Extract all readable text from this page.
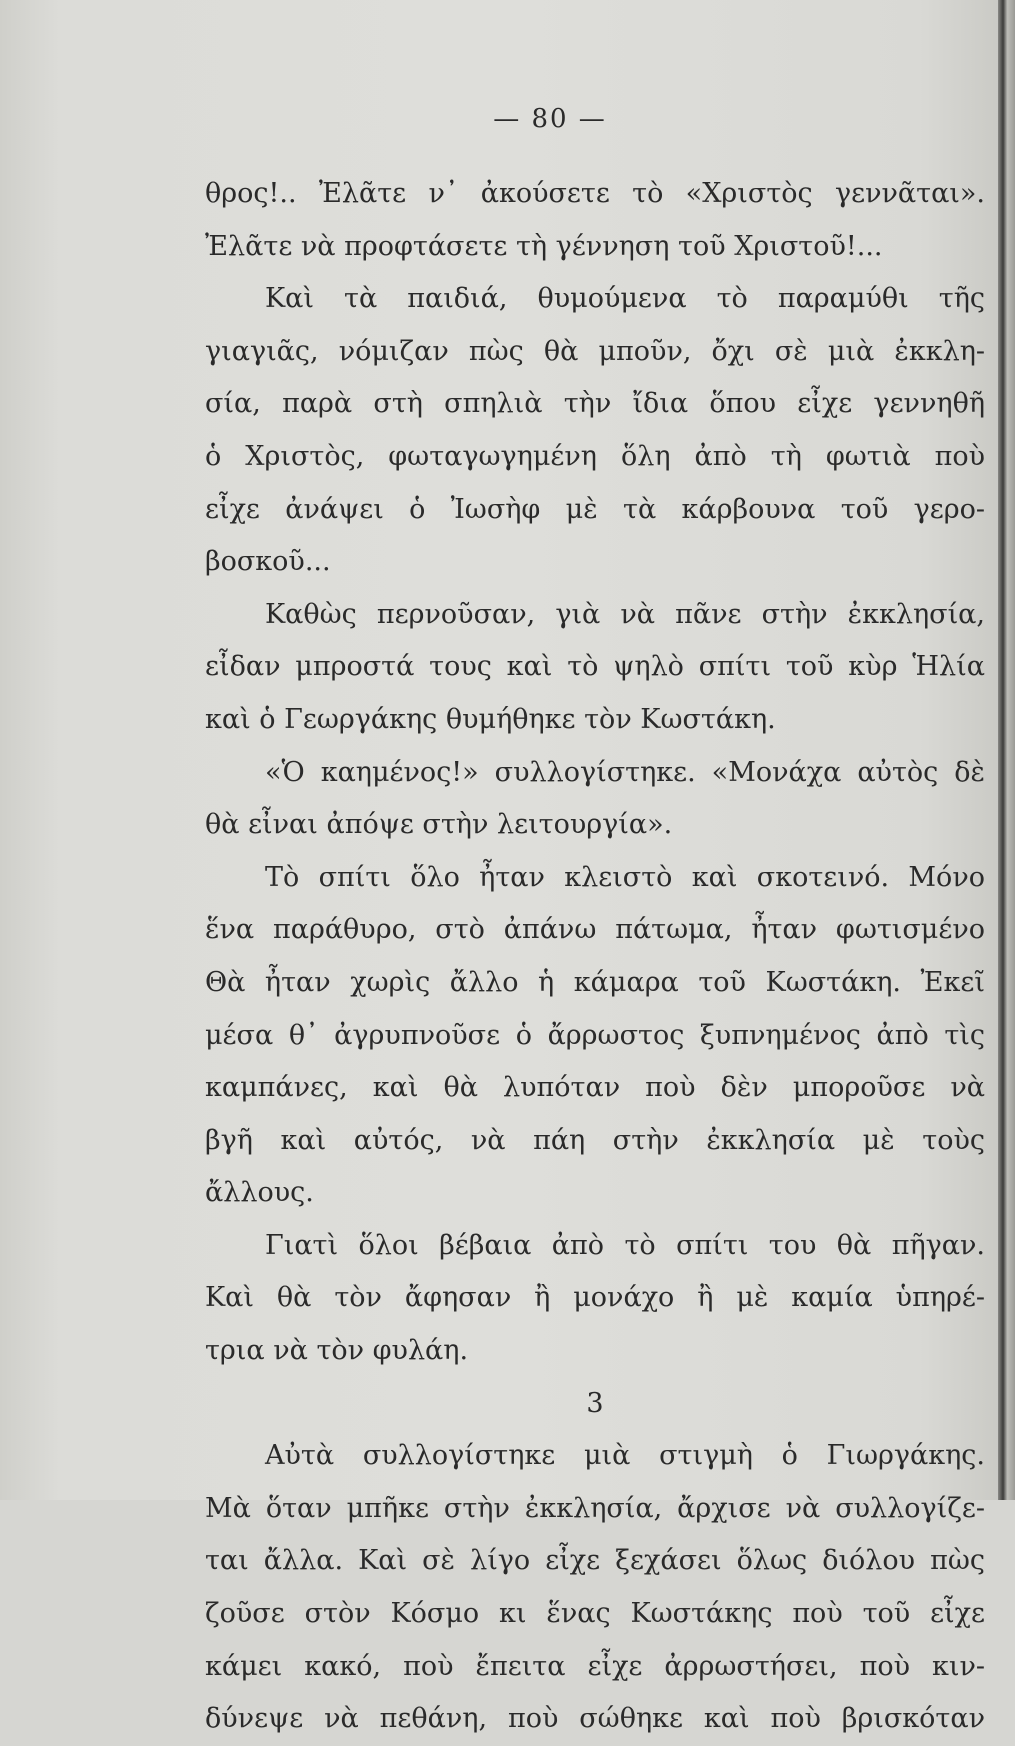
— 80 —
θρος!.. Ἐλᾶτε ν᾽ ἀκούσετε τὸ «Χριστὸς γεννᾶται».
Ἐλᾶτε νὰ προφτάσετε τὴ γέννηση τοῦ Χριστοῦ!...
Καὶ τὰ παιδιά, θυμούμενα τὸ παραμύθι τῆς
γιαγιᾶς, νόμιζαν πὼς θὰ μποῦν, ὄχι σὲ μιὰ ἐκκλη-
σία, παρὰ στὴ σπηλιὰ τὴν ἴδια ὅπου εἶχε γεννηθῆ
ὁ Χριστὸς, φωταγωγημένη ὅλη ἀπὸ τὴ φωτιὰ ποὺ
εἶχε ἀνάψει ὁ Ἰωσὴφ μὲ τὰ κάρβουνα τοῦ γερο-
βοσκοῦ...
Καθὼς περνοῦσαν, γιὰ νὰ πᾶνε στὴν ἐκκλησία,
εἶδαν μπροστά τους καὶ τὸ ψηλὸ σπίτι τοῦ κὺρ Ἡλία
καὶ ὁ Γεωργάκης θυμήθηκε τὸν Κωστάκη.
«Ὁ καημένος!» συλλογίστηκε. «Μονάχα αὐτὸς δὲ
θὰ εἶναι ἀπόψε στὴν λειτουργία».
Τὸ σπίτι ὅλο ἦταν κλειστὸ καὶ σκοτεινό. Μόνο
ἕνα παράθυρο, στὸ ἀπάνω πάτωμα, ἦταν φωτισμένο
Θὰ ἦταν χωρὶς ἄλλο ἡ κάμαρα τοῦ Κωστάκη. Ἐκεῖ
μέσα θ᾽ ἀγρυπνοῦσε ὁ ἄρρωστος ξυπνημένος ἀπὸ τὶς
καμπάνες, καὶ θὰ λυπόταν ποὺ δὲν μποροῦσε νὰ
βγῆ καὶ αὐτός, νὰ πάη στὴν ἐκκλησία μὲ τοὺς
ἄλλους.
Γιατὶ ὅλοι βέβαια ἀπὸ τὸ σπίτι του θὰ πῆγαν.
Καὶ θὰ τὸν ἄφησαν ἢ μονάχο ἢ μὲ καμία ὑπηρέ-
τρια νὰ τὸν φυλάη.
3
Αὐτὰ συλλογίστηκε μιὰ στιγμὴ ὁ Γιωργάκης.
Μὰ ὅταν μπῆκε στὴν ἐκκλησία, ἄρχισε νὰ συλλογίζε-
ται ἄλλα. Καὶ σὲ λίγο εἶχε ξεχάσει ὅλως διόλου πὼς
ζοῦσε στὸν Κόσμο κι ἕνας Κωστάκης ποὺ τοῦ εἶχε
κάμει κακό, ποὺ ἔπειτα εἶχε ἀρρωστήσει, ποὺ κιν-
δύνεψε νὰ πεθάνη, ποὺ σώθηκε καὶ ποὺ βρισκόταν
